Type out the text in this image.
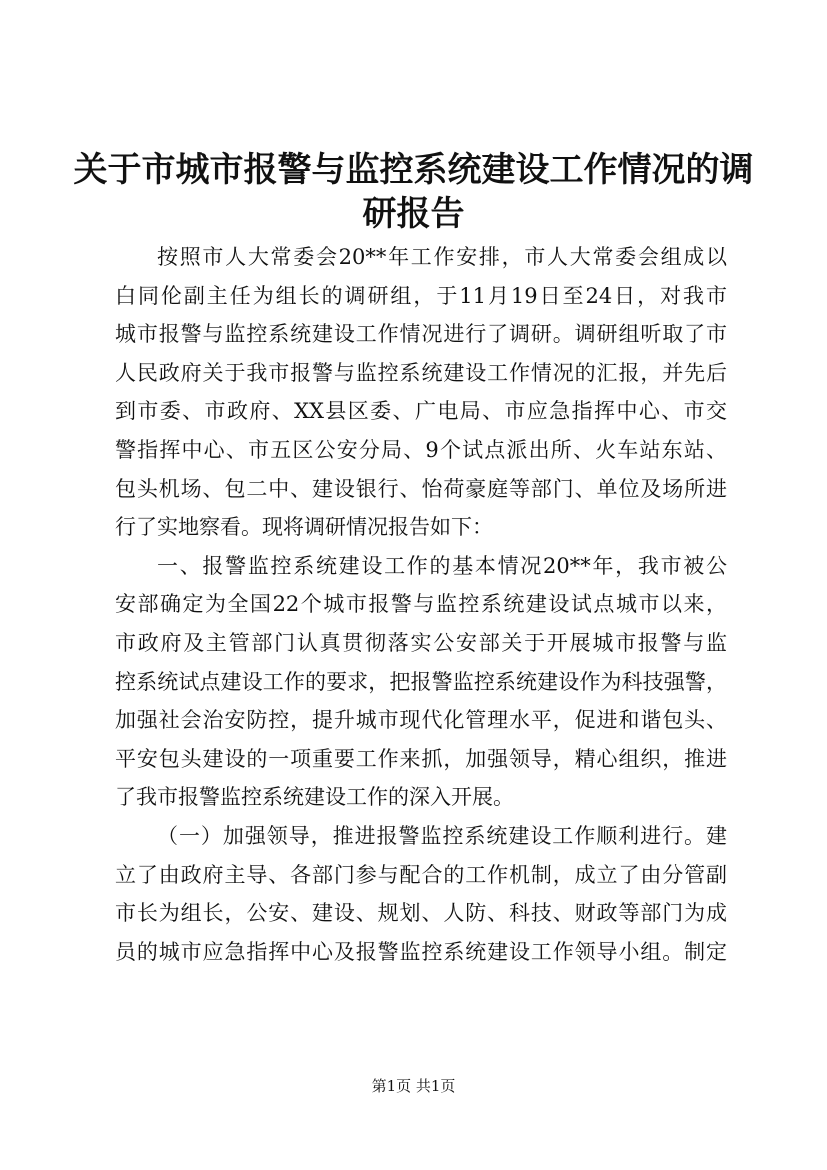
关于市城市报警与监控系统建设工作情况的调
研报告
按照市人大常委会20**年工作安排，市人大常委会组成以
白同伦副主任为组长的调研组，于11月19日至24日，对我市
城市报警与监控系统建设工作情况进行了调研。调研组听取了市
人民政府关于我市报警与监控系统建设工作情况的汇报，并先后
到市委、市政府、XX县区委、广电局、市应急指挥中心、市交
警指挥中心、市五区公安分局、9个试点派出所、火车站东站、
包头机场、包二中、建设银行、怡荷豪庭等部门、单位及场所进
行了实地察看。现将调研情况报告如下：
一、报警监控系统建设工作的基本情况20**年，我市被公
安部确定为全国22个城市报警与监控系统建设试点城市以来，
市政府及主管部门认真贯彻落实公安部关于开展城市报警与监
控系统试点建设工作的要求，把报警监控系统建设作为科技强警，
加强社会治安防控，提升城市现代化管理水平，促进和谐包头、
平安包头建设的一项重要工作来抓，加强领导，精心组织，推进
了我市报警监控系统建设工作的深入开展。
（一）加强领导，推进报警监控系统建设工作顺利进行。建
立了由政府主导、各部门参与配合的工作机制，成立了由分管副
市长为组长，公安、建设、规划、人防、科技、财政等部门为成
员的城市应急指挥中心及报警监控系统建设工作领导小组。制定
第1页 共1页
